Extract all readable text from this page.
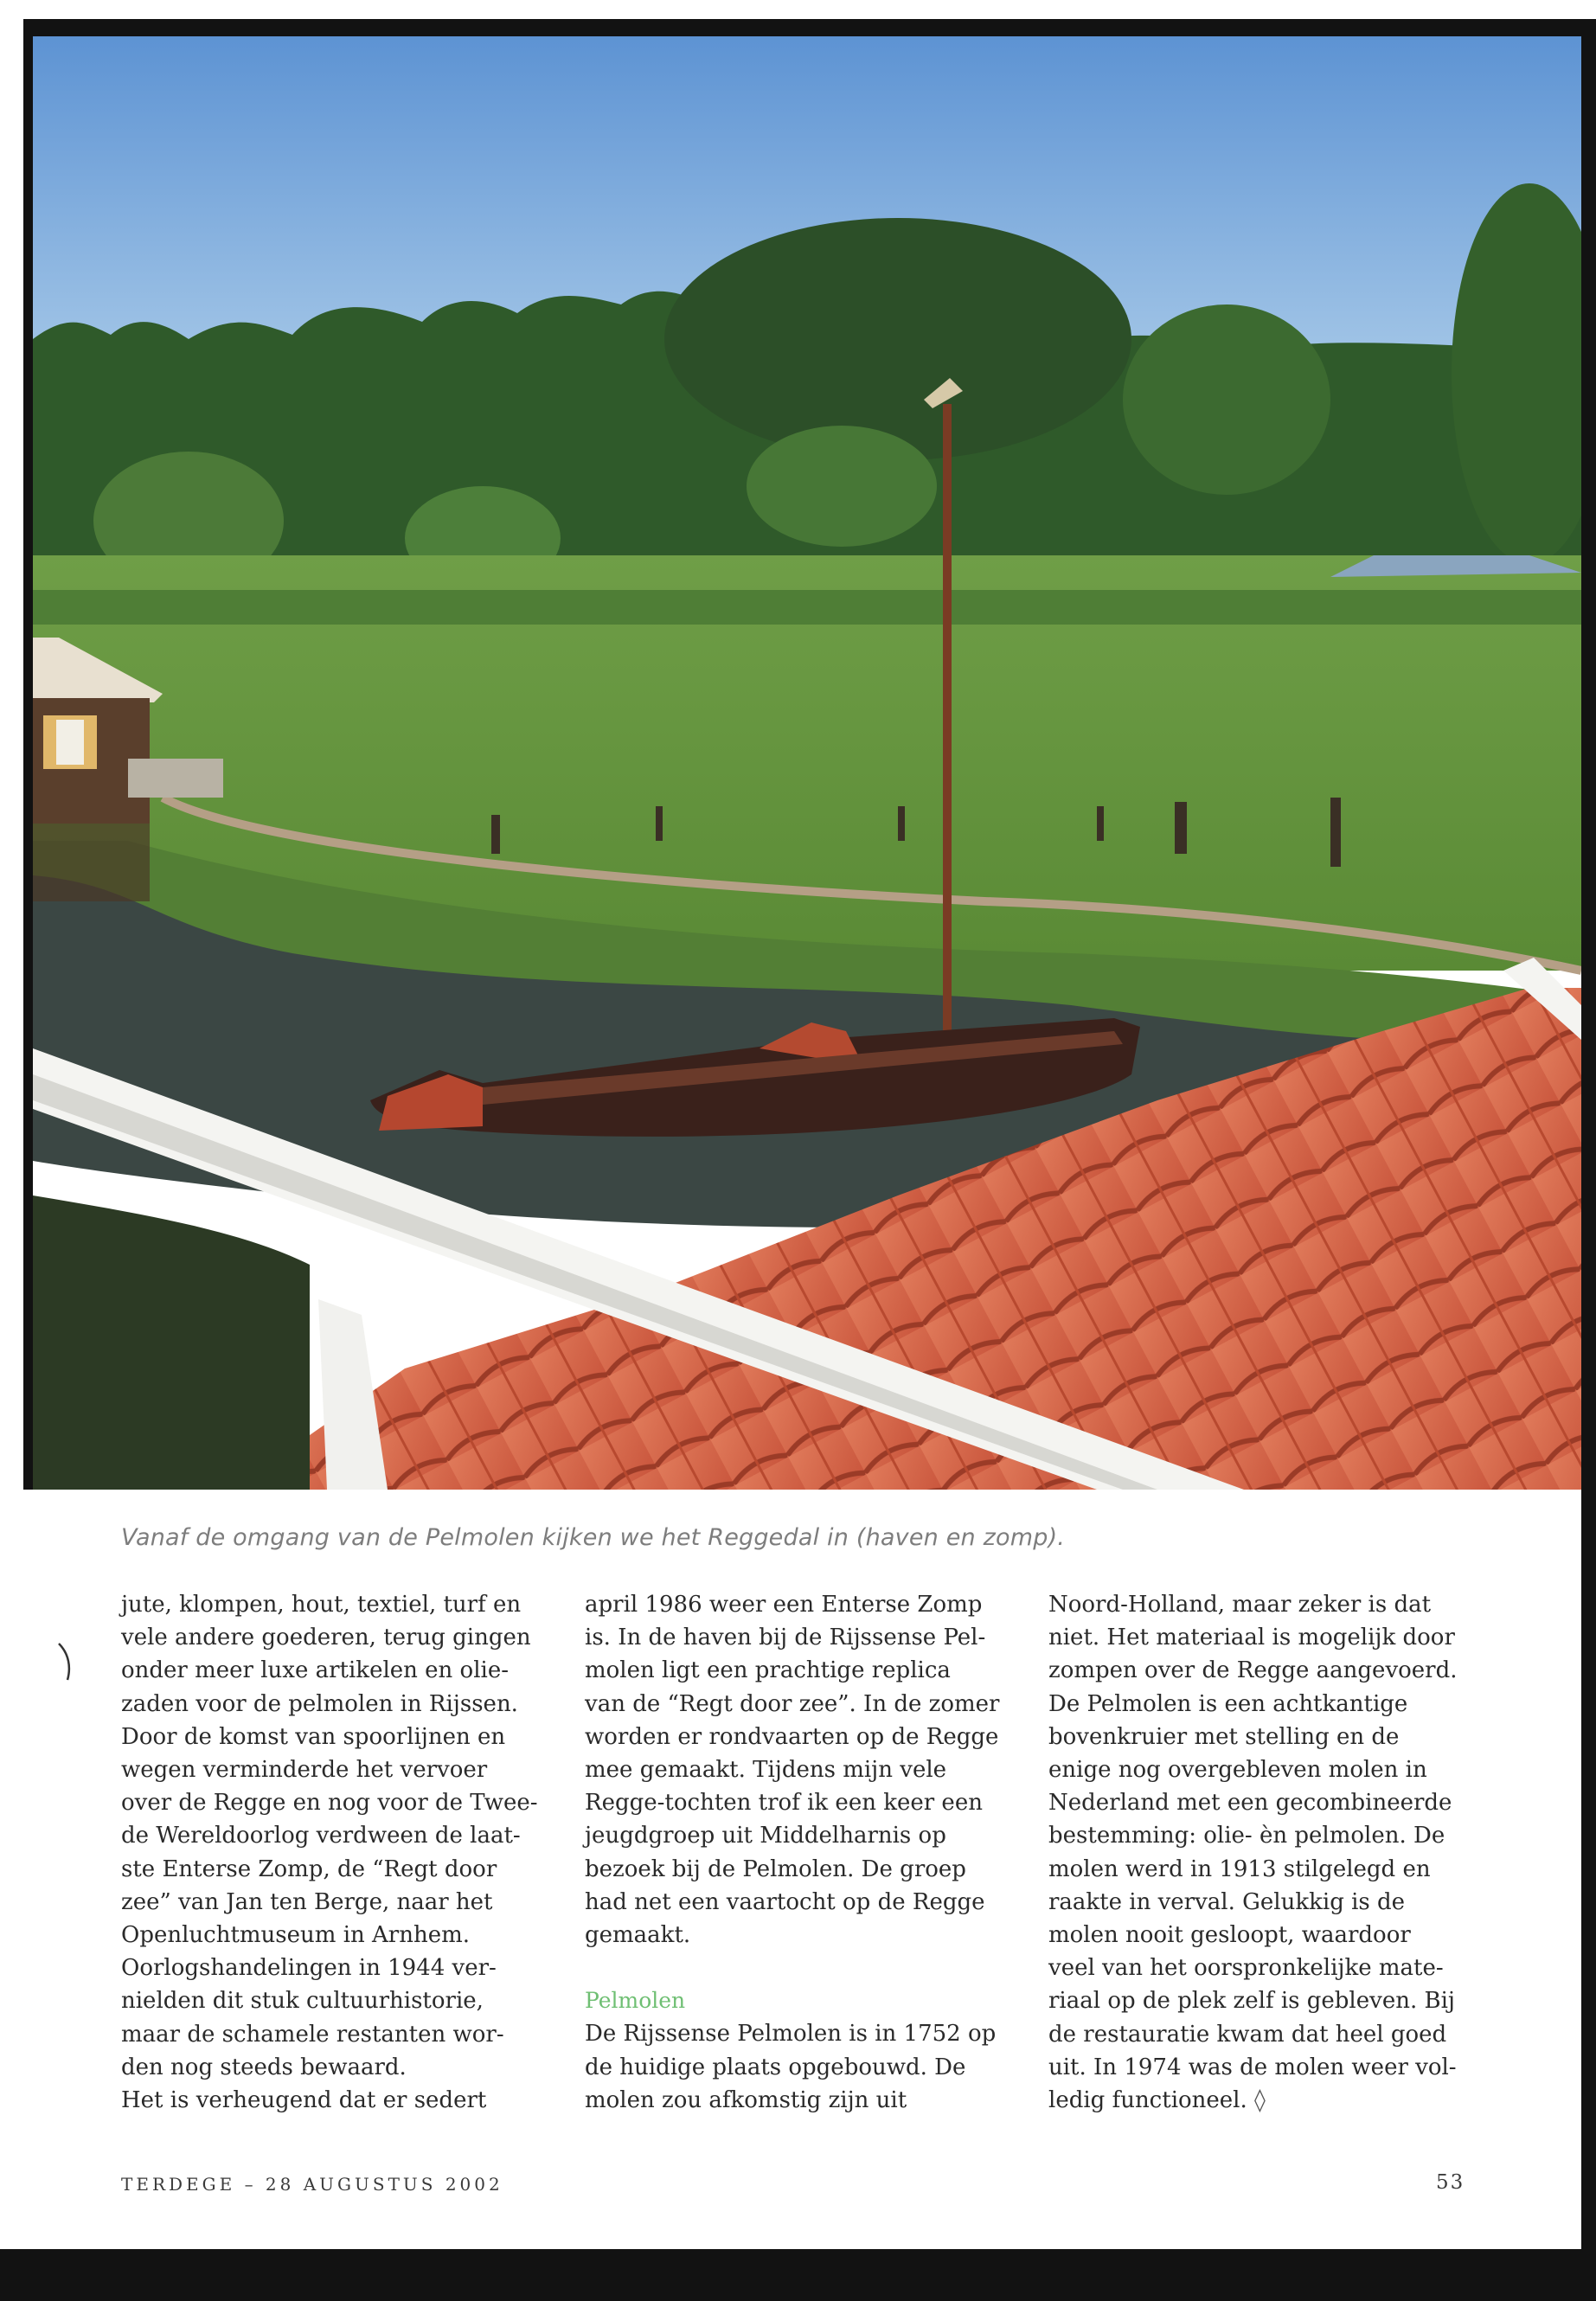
Vanaf de omgang van de Pelmolen kijken we het Reggedal in (haven en zomp).

jute, klompen, hout, textiel, turf en

vele andere goederen, terug gingen

onder meer luxe artikelen en olie-

zaden voor de pelmolen in Rijssen.

Door de komst van spoorlijnen en

wegen verminderde het vervoer

over de Regge en nog voor de Twee-

de Wereldoorlog verdween de laat-

ste Enterse Zomp, de “Regt door

zee” van Jan ten Berge, naar het

Openluchtmuseum in Arnhem.

Oorlogshandelingen in 1944 ver-

nielden dit stuk cultuurhistorie,

maar de schamele restanten wor-

den nog steeds bewaard.

Het is verheugend dat er sedert

april 1986 weer een Enterse Zomp

is. In de haven bij de Rijssense Pel-

molen ligt een prachtige replica

van de “Regt door zee”. In de zomer

worden er rondvaarten op de Regge

mee gemaakt. Tijdens mijn vele

Regge-tochten trof ik een keer een

jeugdgroep uit Middelharnis op

bezoek bij de Pelmolen. De groep

had net een vaartocht op de Regge

gemaakt.

Pelmolen

De Rijssense Pelmolen is in 1752 op

de huidige plaats opgebouwd. De

molen zou afkomstig zijn uit

Noord-Holland, maar zeker is dat

niet. Het materiaal is mogelijk door

zompen over de Regge aangevoerd.

De Pelmolen is een achtkantige

bovenkruier met stelling en de

enige nog overgebleven molen in

Nederland met een gecombineerde

bestemming: olie- èn pelmolen. De

molen werd in 1913 stilgelegd en

raakte in verval. Gelukkig is de

molen nooit gesloopt, waardoor

veel van het oorspronkelijke mate-

riaal op de plek zelf is gebleven. Bij

de restauratie kwam dat heel goed

uit. In 1974 was de molen weer vol-

ledig functioneel. ◊

TERDEGE – 28 AUGUSTUS 2002	53
